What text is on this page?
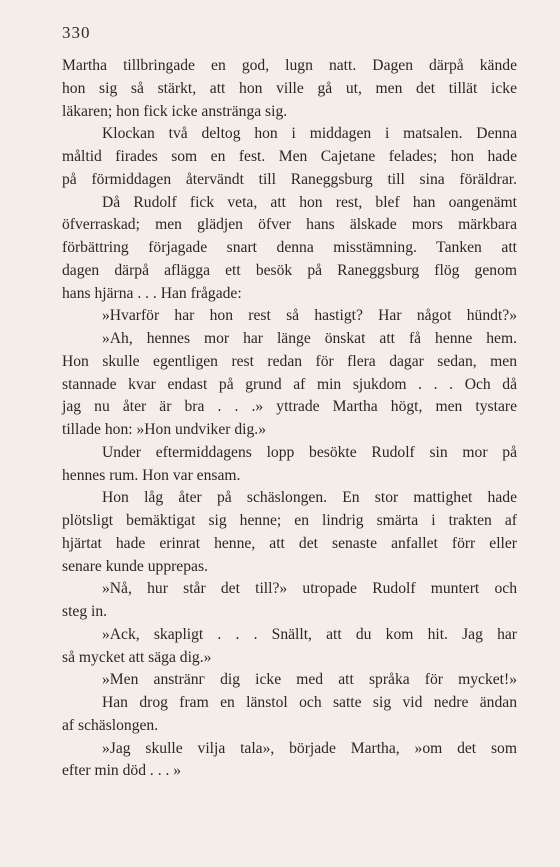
330
Martha tillbringade en god, lugn natt. Dagen därpå kände
hon sig så stärkt, att hon ville gå ut, men det tillät icke
läkaren; hon fick icke anstränga sig.
Klockan två deltog hon i middagen i matsalen. Denna
måltid firades som en fest. Men Cajetane felades; hon hade
på förmiddagen återvändt till Raneggsburg till sina föräldrar.
Då Rudolf fick veta, att hon rest, blef han oangenämt
öfverraskad; men glädjen öfver hans älskade mors märkbara
förbättring förjagade snart denna misstämning. Tanken att
dagen därpå aflägga ett besök på Raneggsburg flög genom
hans hjärna . . . Han frågade:
»Hvarför har hon rest så hastigt? Har något hündt?»
»Ah, hennes mor har länge önskat att få henne hem.
Hon skulle egentligen rest redan för flera dagar sedan, men
stannade kvar endast på grund af min sjukdom . . . Och då
jag nu åter är bra . . .» yttrade Martha högt, men tystare
tillade hon: »Hon undviker dig.»
Under eftermiddagens lopp besökte Rudolf sin mor på
hennes rum. Hon var ensam.
Hon låg åter på schäslongen. En stor mattighet hade
plötsligt bemäktigat sig henne; en lindrig smärta i trakten af
hjärtat hade erinrat henne, att det senaste anfallet förr eller
senare kunde upprepas.
»Nå, hur står det till?» utropade Rudolf muntert och
steg in.
»Ack, skapligt . . . Snällt, att du kom hit. Jag har
så mycket att säga dig.»
»Men anstränг dig icke med att språka för mycket!»
Han drog fram en länstol och satte sig vid nedre ändan
af schäslongen.
»Jag skulle vilja tala», började Martha, »om det som
efter min död . . . »
